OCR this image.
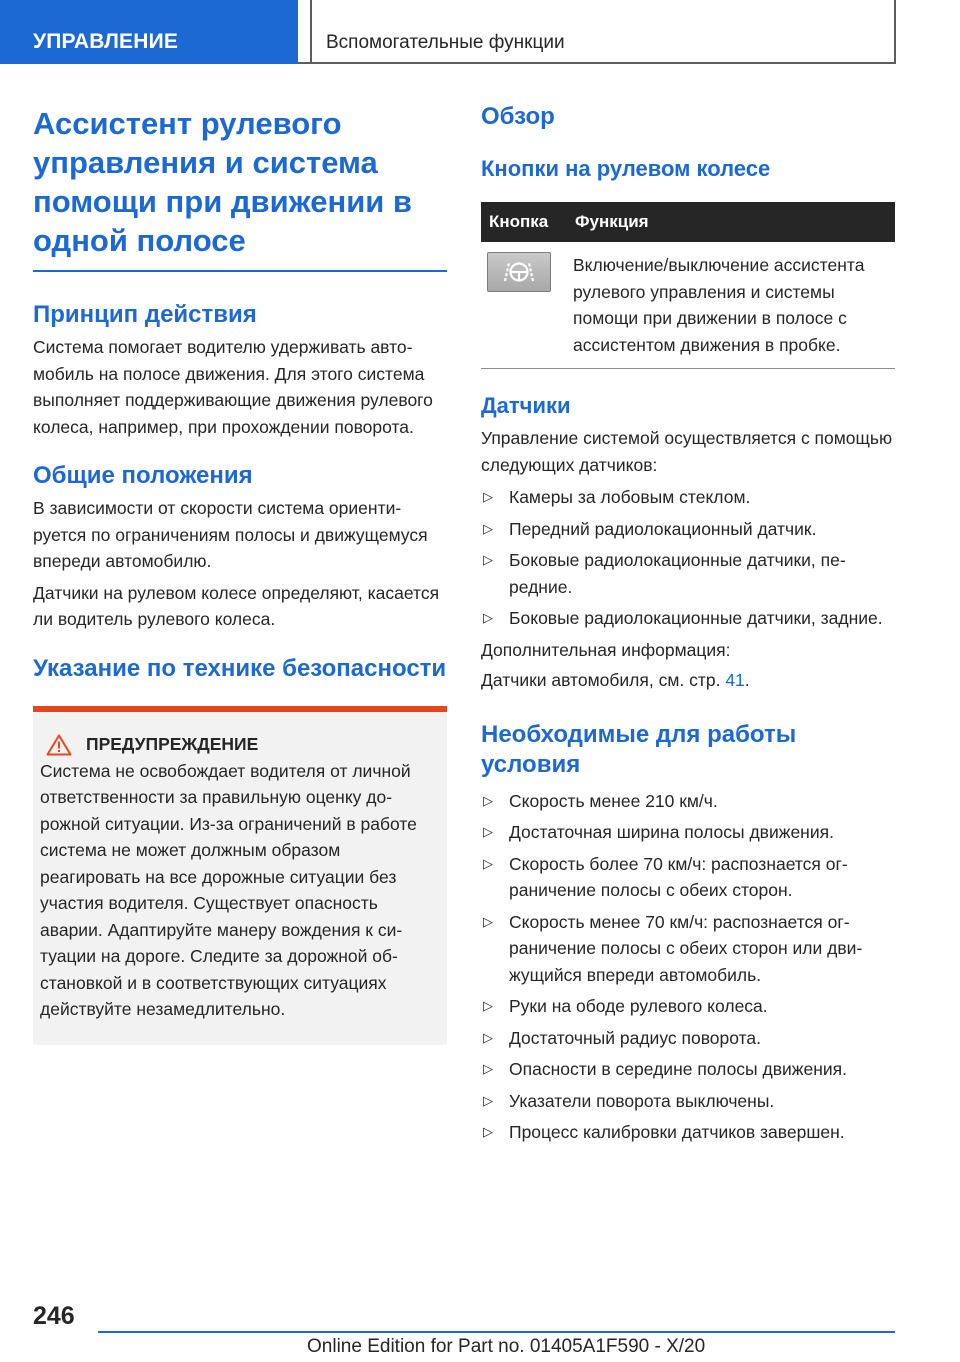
УПРАВЛЕНИЕ	Вспомогательные функции
Ассистент рулевого управления и система помощи при движении в одной полосе
Принцип действия

Система помогает водителю удерживать автомобиль на полосе движения. Для этого система выполняет поддерживающие движения рулевого колеса, например, при прохождении поворота.

Общие положения

В зависимости от скорости система ориентируется по ограничениям полосы и движущемуся впереди автомобилю.

Датчики на рулевом колесе определяют, касается ли водитель рулевого колеса.

Указание по технике безопасности
ПРЕДУПРЕЖДЕНИЕ

Система не освобождает водителя от личной ответственности за правильную оценку дорожной ситуации. Из-за ограничений в работе система не может должным образом реагировать на все дорожные ситуации без участия водителя. Существует опасность аварии. Адаптируйте манеру вождения к ситуации на дороге. Следите за дорожной обстановкой и в соответствующих ситуациях действуйте незамедлительно.

Обзор
Кнопки на рулевом колесе
Кнопка	Функция

	Включение/выключение ассистента рулевого управления и системы помощи при движении в полосе с ассистентом движения в пробке.
Датчики

Управление системой осуществляется с помощью следующих датчиков:

▷ Камеры за лобовым стеклом.
▷ Передний радиолокационный датчик.
▷ Боковые радиолокационные датчики, передние.
▷ Боковые радиолокационные датчики, задние.

Дополнительная информация:

Датчики автомобиля, см. стр. 41.

Необходимые для работы условия
▷ Скорость менее 210 км/ч.
▷ Достаточная ширина полосы движения.
▷ Скорость более 70 км/ч: распознается ограничение полосы с обеих сторон.
▷ Скорость менее 70 км/ч: распознается ограничение полосы с обеих сторон или движущийся впереди автомобиль.
▷ Руки на ободе рулевого колеса.
▷ Достаточный радиус поворота.
▷ Опасности в середине полосы движения.
▷ Указатели поворота выключены.
▷ Процесс калибровки датчиков завершен.
246
Online Edition for Part no. 01405A1F590 - X/20
